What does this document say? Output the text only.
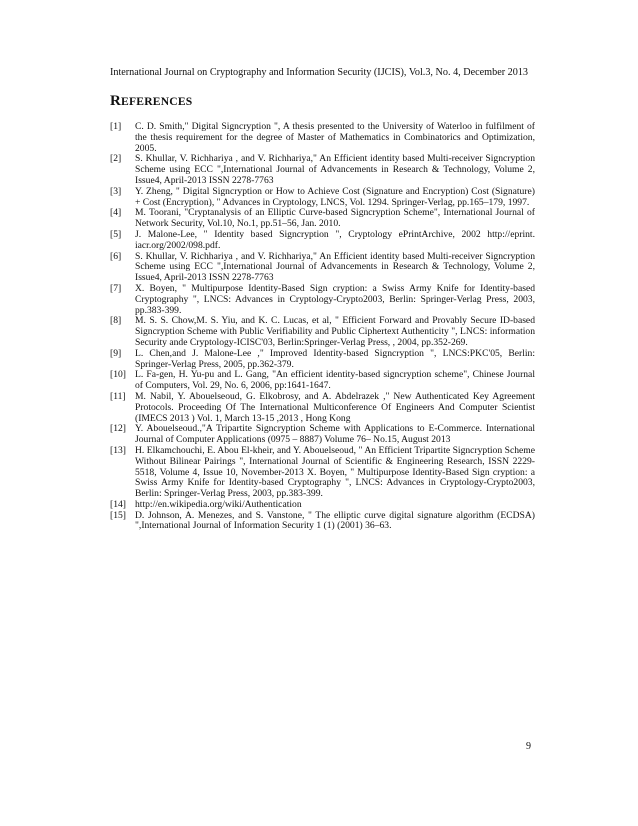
International Journal on Cryptography and Information Security (IJCIS), Vol.3, No. 4, December 2013
REFERENCES
[1]	C. D. Smith," Digital Signcryption ", A thesis presented to the University of Waterloo in fulfilment of the thesis requirement for the degree of Master of Mathematics in Combinatorics and Optimization, 2005.
[2]	S. Khullar, V. Richhariya , and V. Richhariya," An Efficient identity based Multi-receiver Signcryption Scheme using ECC ",International Journal of Advancements in Research & Technology, Volume 2, Issue4, April-2013 ISSN 2278-7763
[3]	Y. Zheng, " Digital Signcryption or How to Achieve Cost (Signature and Encryption) Cost (Signature) + Cost (Encryption), " Advances in Cryptology, LNCS, Vol. 1294. Springer-Verlag, pp.165–179, 1997.
[4]	M. Toorani, "Cryptanalysis of an Elliptic Curve-based Signcryption Scheme", International Journal of Network Security, Vol.10, No.1, pp.51–56, Jan. 2010.
[5]	J. Malone-Lee, " Identity based Signcryption ", Cryptology ePrintArchive, 2002 http://eprint. iacr.org/2002/098.pdf.
[6]	S. Khullar, V. Richhariya , and V. Richhariya," An Efficient identity based Multi-receiver Signcryption Scheme using ECC ",International Journal of Advancements in Research & Technology, Volume 2, Issue4, April-2013 ISSN 2278-7763
[7]	X. Boyen, " Multipurpose Identity-Based Sign cryption: a Swiss Army Knife for Identity-based Cryptography ", LNCS: Advances in Cryptology-Crypto2003, Berlin: Springer-Verlag Press, 2003, pp.383-399.
[8]	M. S. S. Chow,M. S. Yiu, and K. C. Lucas, et al, " Efficient Forward and Provably Secure ID-based Signcryption Scheme with Public Verifiability and Public Ciphertext Authenticity ", LNCS: information Security ande Cryptology-ICISC'03, Berlin:Springer-Verlag Press, , 2004, pp.352-269.
[9]	L. Chen,and J. Malone-Lee ," Improved Identity-based Signcryption ", LNCS:PKC'05, Berlin: Springer-Verlag Press, 2005, pp.362-379.
[10] L. Fa-gen, H. Yu-pu and L. Gang, "An efficient identity-based signcryption scheme", Chinese Journal of Computers, Vol. 29, No. 6, 2006, pp:1641-1647.
[11] M. Nabil, Y. Abouelseoud, G. Elkobrosy, and A. Abdelrazek ," New Authenticated Key Agreement Protocols. Proceeding Of The International Multiconference Of Engineers And Computer Scientist (IMECS 2013 ) Vol. 1, March 13-15 ,2013 , Hong Kong
[12] Y. Abouelseoud.,"A Tripartite Signcryption Scheme with Applications to E-Commerce. International Journal of Computer Applications (0975 – 8887) Volume 76– No.15, August 2013
[13] H. Elkamchouchi, E. Abou El-kheir, and Y. Abouelseoud, " An Efficient Tripartite Signcryption Scheme Without Bilinear Pairings ", International Journal of Scientific & Engineering Research, ISSN 2229-5518, Volume 4, Issue 10, November-2013 X. Boyen, " Multipurpose Identity-Based Sign cryption: a Swiss Army Knife for Identity-based Cryptography ", LNCS: Advances in Cryptology-Crypto2003, Berlin: Springer-Verlag Press, 2003, pp.383-399.
[14] http://en.wikipedia.org/wiki/Authentication
[15] D. Johnson, A. Menezes, and S. Vanstone, " The elliptic curve digital signature algorithm (ECDSA) ",International Journal of Information Security 1 (1) (2001) 36–63.
9
